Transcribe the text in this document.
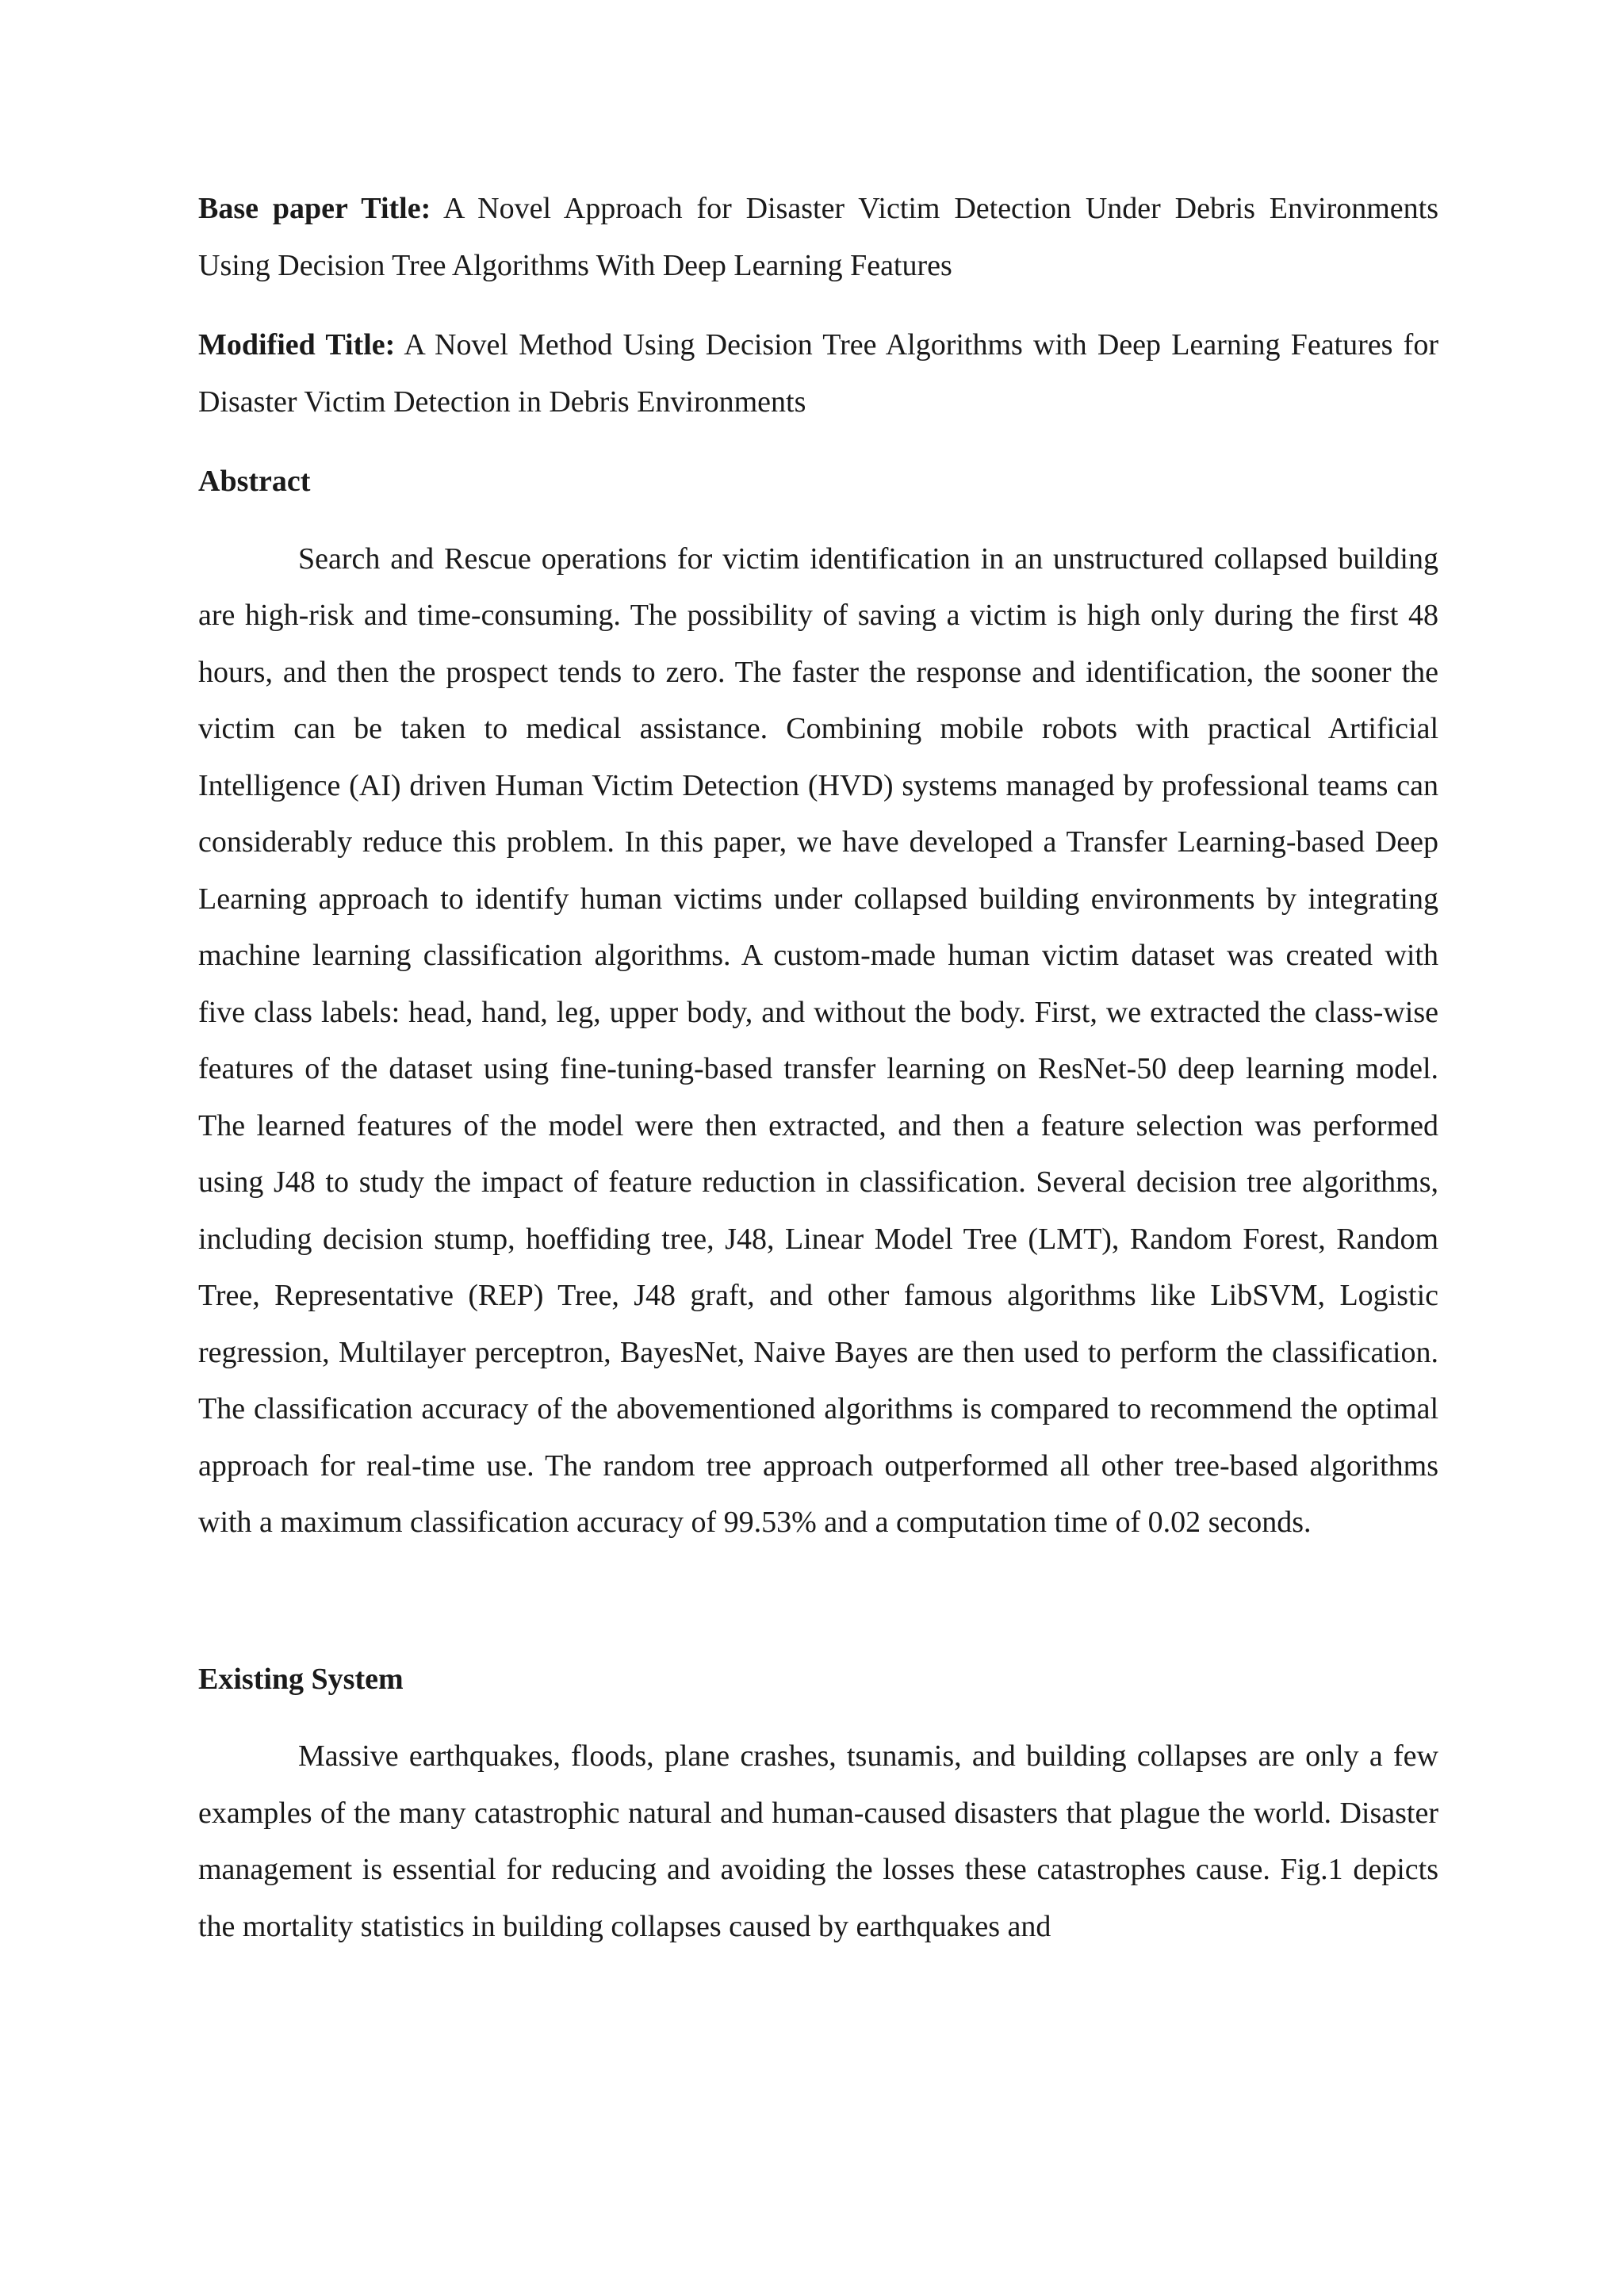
Base paper Title: A Novel Approach for Disaster Victim Detection Under Debris Environments Using Decision Tree Algorithms With Deep Learning Features

Modified Title: A Novel Method Using Decision Tree Algorithms with Deep Learning Features for Disaster Victim Detection in Debris Environments

Abstract

Search and Rescue operations for victim identification in an unstructured collapsed building are high-risk and time-consuming. The possibility of saving a victim is high only during the first 48 hours, and then the prospect tends to zero. The faster the response and identification, the sooner the victim can be taken to medical assistance. Combining mobile robots with practical Artificial Intelligence (AI) driven Human Victim Detection (HVD) systems managed by professional teams can considerably reduce this problem. In this paper, we have developed a Transfer Learning-based Deep Learning approach to identify human victims under collapsed building environments by integrating machine learning classification algorithms. A custom-made human victim dataset was created with five class labels: head, hand, leg, upper body, and without the body. First, we extracted the class-wise features of the dataset using fine-tuning-based transfer learning on ResNet-50 deep learning model. The learned features of the model were then extracted, and then a feature selection was performed using J48 to study the impact of feature reduction in classification. Several decision tree algorithms, including decision stump, hoeffiding tree, J48, Linear Model Tree (LMT), Random Forest, Random Tree, Representative (REP) Tree, J48 graft, and other famous algorithms like LibSVM, Logistic regression, Multilayer perceptron, BayesNet, Naive Bayes are then used to perform the classification. The classification accuracy of the abovementioned algorithms is compared to recommend the optimal approach for real-time use. The random tree approach outperformed all other tree-based algorithms with a maximum classification accuracy of 99.53% and a computation time of 0.02 seconds.

Existing System

Massive earthquakes, floods, plane crashes, tsunamis, and building collapses are only a few examples of the many catastrophic natural and human-caused disasters that plague the world. Disaster management is essential for reducing and avoiding the losses these catastrophes cause. Fig.1 depicts the mortality statistics in building collapses caused by earthquakes and
